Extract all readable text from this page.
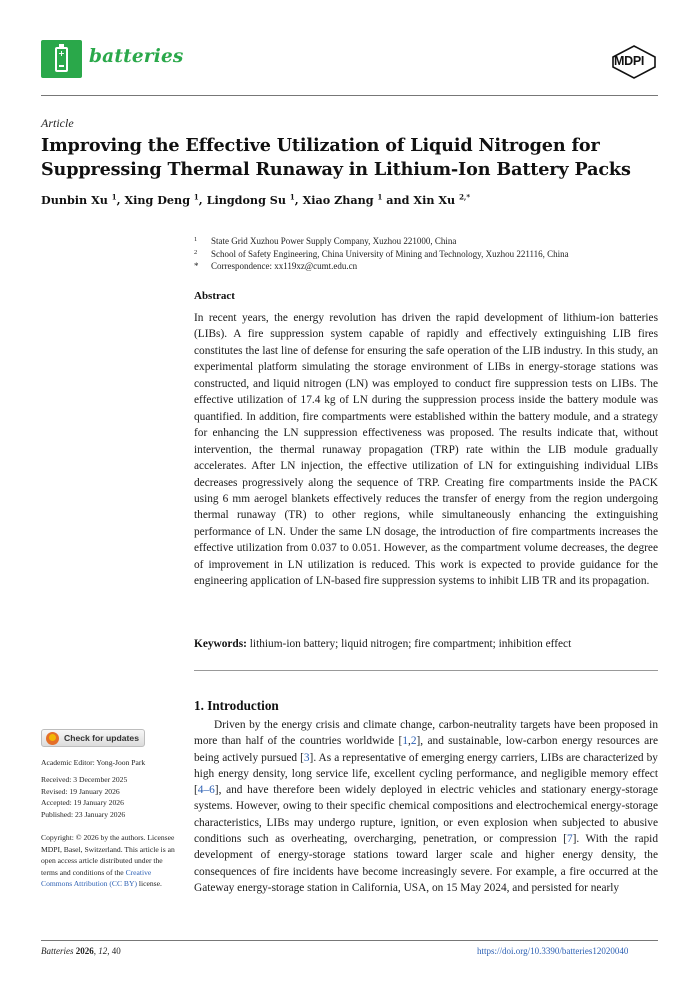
+ batteries	MDPI
Article
Improving the Effective Utilization of Liquid Nitrogen for Suppressing Thermal Runaway in Lithium-Ion Battery Packs
Dunbin Xu $^1$, Xing Deng $^1$, Lingdong Su $^1$, Xiao Zhang $^1$ and Xin Xu $^{2,*}$
1	State Grid Xuzhou Power Supply Company, Xuzhou 221000, China
2	School of Safety Engineering, China University of Mining and Technology, Xuzhou 221116, China
*	Correspondence: xx119xz@cumt.edu.cn
Abstract
In recent years, the energy revolution has driven the rapid development of lithium-ion batteries (LIBs). A fire suppression system capable of rapidly and effectively extinguishing LIB fires constitutes the last line of defense for ensuring the safe operation of the LIB industry. In this study, an experimental platform simulating the storage environment of LIBs in energy-storage stations was constructed, and liquid nitrogen (LN) was employed to conduct fire suppression tests on LIBs. The effective utilization of 17.4 kg of LN during the suppression process inside the battery module was quantified. In addition, fire compartments were established within the battery module, and a strategy for enhancing the LN suppression effectiveness was proposed. The results indicate that, without intervention, the thermal runaway propagation (TRP) rate within the LIB module gradually accelerates. After LN injection, the effective utilization of LN for extinguishing individual LIBs decreases progressively along the sequence of TRP. Creating fire compartments inside the PACK using 6 mm aerogel blankets effectively reduces the transfer of energy from the region undergoing thermal runaway (TR) to other regions, while simultaneously enhancing the extinguishing performance of LN. Under the same LN dosage, the introduction of fire compartments increases the effective utilization from 0.037 to 0.051. However, as the compartment volume decreases, the degree of improvement in LN utilization is reduced. This work is expected to provide guidance for the engineering application of LN-based fire suppression systems to inhibit LIB TR and its propagation.
Keywords: lithium-ion battery; liquid nitrogen; fire compartment; inhibition effect
1. Introduction
Driven by the energy crisis and climate change, carbon-neutrality targets have been proposed in more than half of the countries worldwide [1,2], and sustainable, low-carbon energy resources are being actively pursued [3]. As a representative of emerging energy carriers, LIBs are characterized by high energy density, long service life, excellent cycling performance, and negligible memory effect [4–6], and have therefore been widely deployed in electric vehicles and stationary energy-storage systems. However, owing to their specific chemical compositions and electrochemical energy-storage characteristics, LIBs may undergo rupture, ignition, or even explosion when subjected to abusive conditions such as overheating, overcharging, penetration, or compression [7]. With the rapid development of energy-storage stations toward larger scale and higher energy density, the consequences of fire incidents have become increasingly severe. For example, a fire occurred at the Gateway energy-storage station in California, USA, on 15 May 2024, and persisted for nearly
Check for updates
Academic Editor: Yong-Joon Park
Received: 3 December 2025
Revised: 19 January 2026
Accepted: 19 January 2026
Published: 23 January 2026
Copyright: © 2026 by the authors. Licensee MDPI, Basel, Switzerland. This article is an open access article distributed under the terms and conditions of the Creative Commons Attribution (CC BY) license.
Batteries 2026, 12, 40	https://doi.org/10.3390/batteries12020040
